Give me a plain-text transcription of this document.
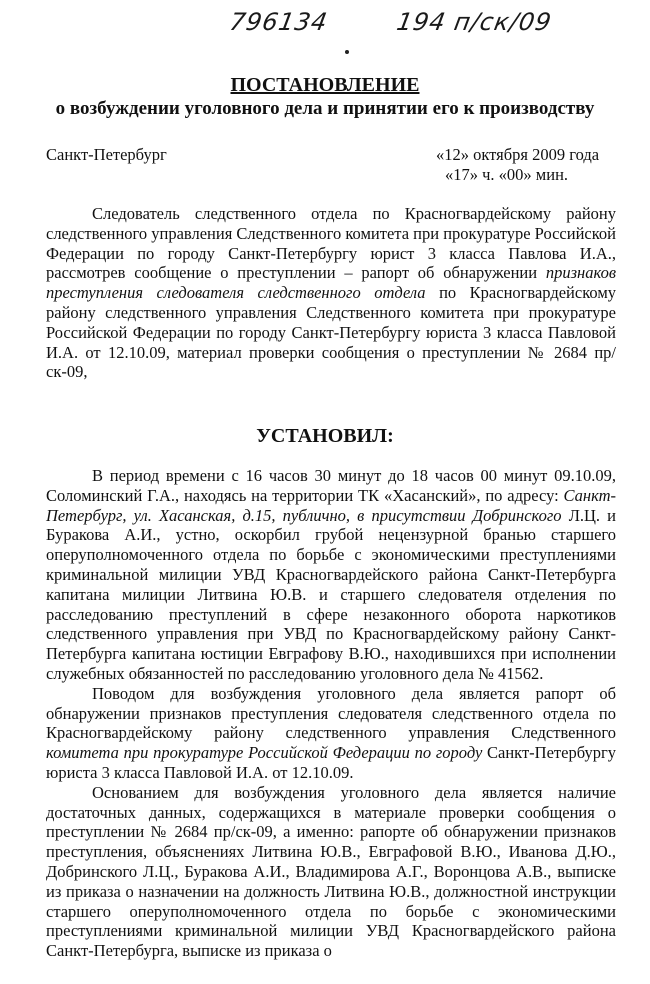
796134	194 п/ск/09
ПОСТАНОВЛЕНИЕ
о возбуждении уголовного дела и принятии его к производству
Санкт-Петербург	«12» октября 2009 года
«17» ч. «00» мин.

Следователь следственного отдела по Красногвардейскому району следственного управления Следственного комитета при прокуратуре Российской Федерации по городу Санкт-Петербургу юрист 3 класса Павлова И.А., рассмотрев сообщение о преступлении – рапорт об обнаружении признаков преступления следователя следственного отдела по Красногвардейскому району следственного управления Следственного комитета при прокуратуре Российской Федерации по городу Санкт-Петербургу юриста 3 класса Павловой И.А. от 12.10.09, материал проверки сообщения о преступлении № 2684 пр/ск-09,

УСТАНОВИЛ:

В период времени с 16 часов 30 минут до 18 часов 00 минут 09.10.09, Соломинский Г.А., находясь на территории ТК «Хасанский», по адресу: Санкт-Петербург, ул. Хасанская, д.15, публично, в присутствии Добринского Л.Ц. и Буракова А.И., устно, оскорбил грубой нецензурной бранью старшего оперуполномоченного отдела по борьбе с экономическими преступлениями криминальной милиции УВД Красногвардейского района Санкт-Петербурга капитана милиции Литвина Ю.В. и старшего следователя отделения по расследованию преступлений в сфере незаконного оборота наркотиков следственного управления при УВД по Красногвардейскому району Санкт-Петербурга капитана юстиции Евграфову В.Ю., находившихся при исполнении служебных обязанностей по расследованию уголовного дела № 41562.

Поводом для возбуждения уголовного дела является рапорт об обнаружении признаков преступления следователя следственного отдела по Красногвардейскому району следственного управления Следственного комитета при прокуратуре Российской Федерации по городу Санкт-Петербургу юриста 3 класса Павловой И.А. от 12.10.09.

Основанием для возбуждения уголовного дела является наличие достаточных данных, содержащихся в материале проверки сообщения о преступлении № 2684 пр/ск-09, а именно: рапорте об обнаружении признаков преступления, объяснениях Литвина Ю.В., Евграфовой В.Ю., Иванова Д.Ю., Добринского Л.Ц., Буракова А.И., Владимирова А.Г., Воронцова А.В., выписке из приказа о назначении на должность Литвина Ю.В., должностной инструкции старшего оперуполномоченного отдела по борьбе с экономическими преступлениями криминальной милиции УВД Красногвардейского района Санкт-Петербурга, выписке из приказа о
